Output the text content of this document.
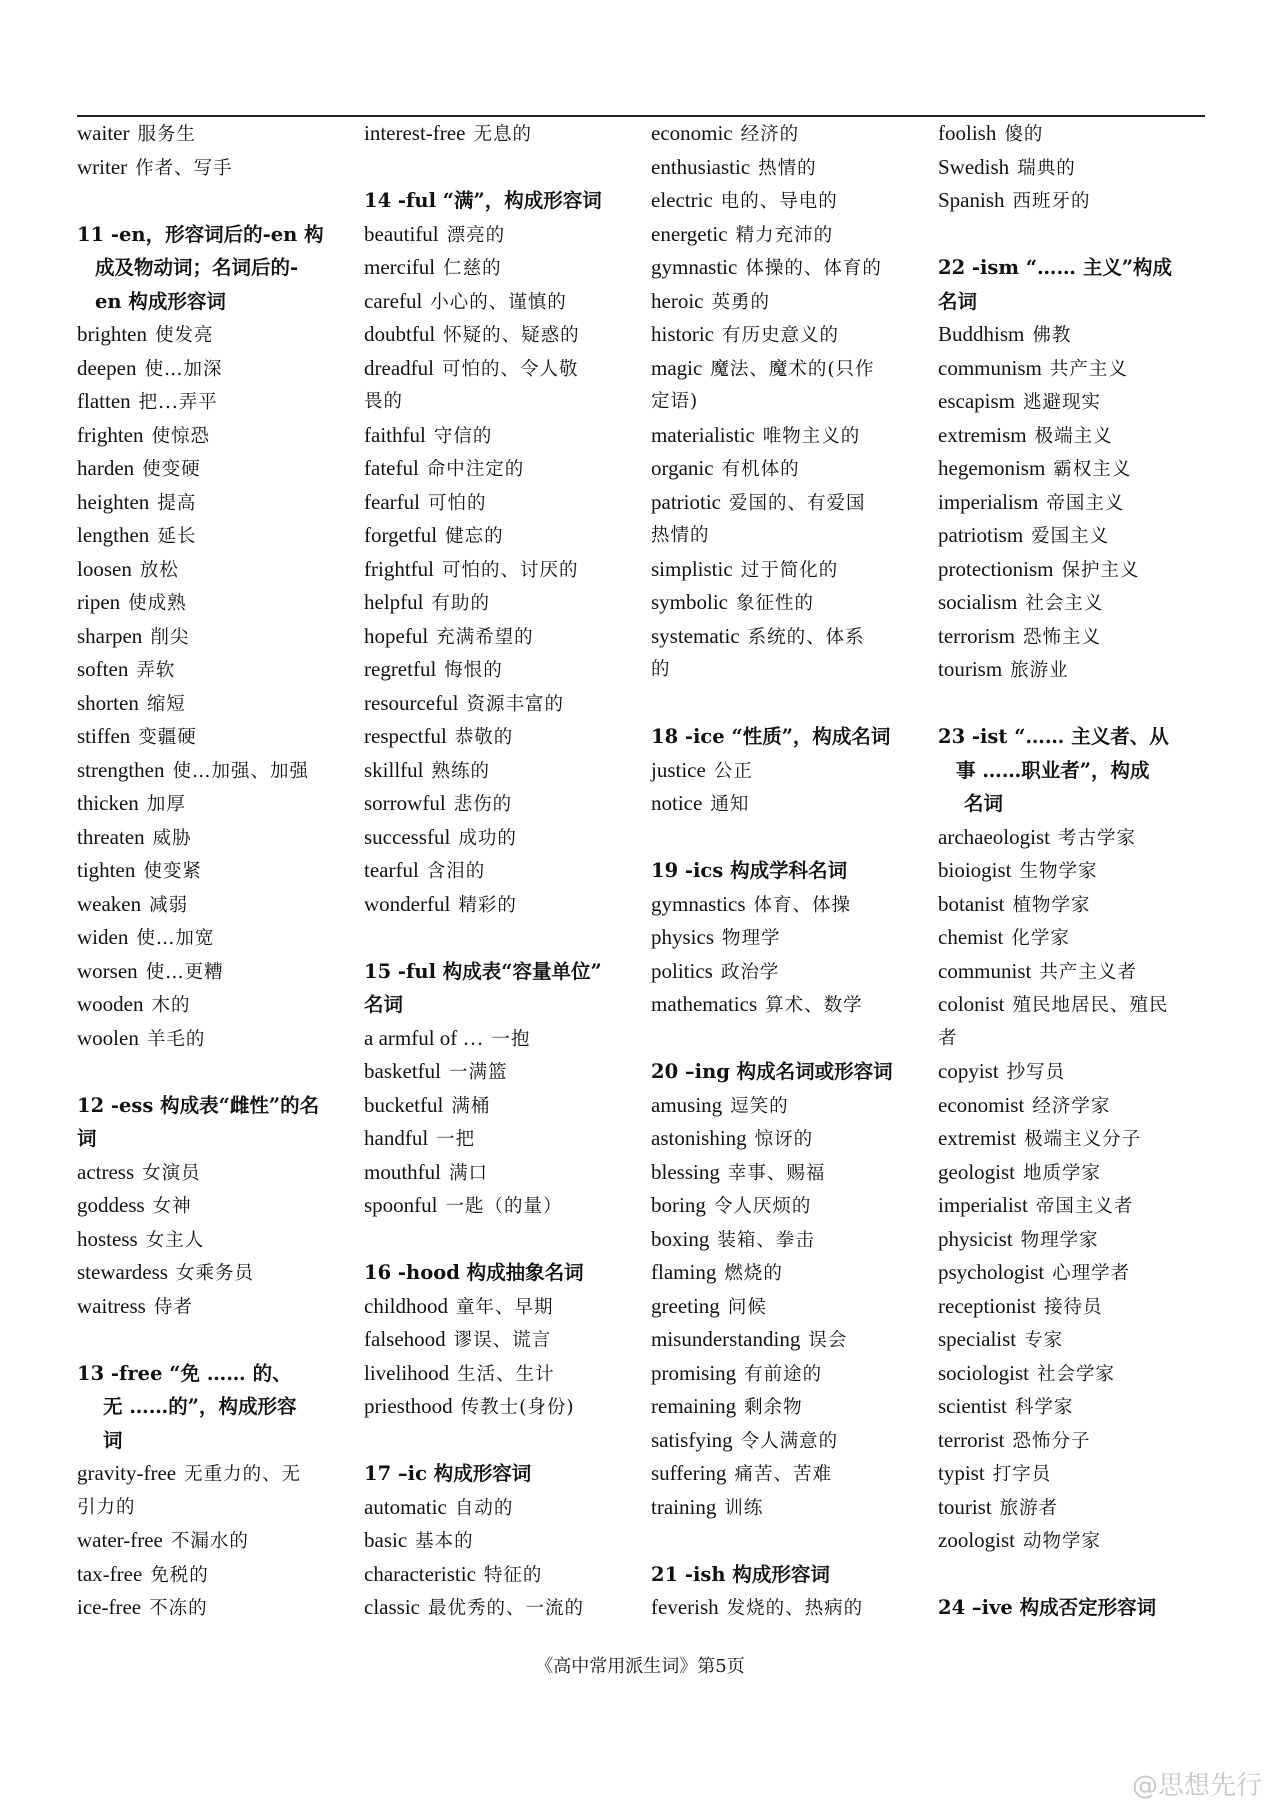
waiter 服务生
writer 作者、写手
11 -en，形容词后的-en 构
成及物动词；名词后的-
en 构成形容词
brighten 使发亮
deepen 使…加深
flatten 把...弄平
frighten 使惊恐
harden 使变硬
heighten 提高
lengthen 延长
loosen 放松
ripen 使成熟
sharpen 削尖
soften 弄软
shorten 缩短
stiffen 变疆硬
strengthen 使…加强、加强
thicken 加厚
threaten 威胁
tighten 使变紧
weaken 减弱
widen 使…加宽
worsen 使…更糟
wooden 木的
woolen 羊毛的
12 -ess 构成表“雌性”的名
词
actress 女演员
goddess 女神
hostess 女主人
stewardess 女乘务员
waitress 侍者
13 -free “免 …… 的、
无 ……的”，构成形容
词
gravity-free 无重力的、无
引力的
water-free 不漏水的
tax-free 免税的
ice-free 不冻的
interest-free 无息的
14 -ful “满”，构成形容词
beautiful 漂亮的
merciful 仁慈的
careful 小心的、谨慎的
doubtful 怀疑的、疑惑的
dreadful 可怕的、令人敬
畏的
faithful 守信的
fateful 命中注定的
fearful 可怕的
forgetful 健忘的
frightful 可怕的、讨厌的
helpful 有助的
hopeful 充满希望的
regretful 悔恨的
resourceful 资源丰富的
respectful 恭敬的
skillful 熟练的
sorrowful 悲伤的
successful 成功的
tearful 含泪的
wonderful 精彩的
15 -ful 构成表“容量单位”
名词
a armful of … 一抱
basketful 一满篮
bucketful 满桶
handful 一把
mouthful 满口
spoonful 一匙（的量）
16 -hood 构成抽象名词
childhood 童年、早期
falsehood 谬误、谎言
livelihood 生活、生计
priesthood 传教士(身份)
17 –ic 构成形容词
automatic 自动的
basic 基本的
characteristic 特征的
classic 最优秀的、一流的
economic 经济的
enthusiastic 热情的
electric 电的、导电的
energetic 精力充沛的
gymnastic 体操的、体育的
heroic 英勇的
historic 有历史意义的
magic 魔法、魔术的(只作
定语)
materialistic 唯物主义的
organic 有机体的
patriotic 爱国的、有爱国
热情的
simplistic 过于简化的
symbolic 象征性的
systematic 系统的、体系
的
18 -ice “性质”，构成名词
justice 公正
notice 通知
19 -ics 构成学科名词
gymnastics 体育、体操
physics 物理学
politics 政治学
mathematics 算术、数学
20 –ing 构成名词或形容词
amusing 逗笑的
astonishing 惊讶的
blessing 幸事、赐福
boring 令人厌烦的
boxing 装箱、拳击
flaming 燃烧的
greeting 问候
misunderstanding 误会
promising 有前途的
remaining 剩余物
satisfying 令人满意的
suffering 痛苦、苦难
training 训练
21 -ish 构成形容词
feverish 发烧的、热病的
foolish 傻的
Swedish 瑞典的
Spanish 西班牙的
22 -ism “…… 主义”构成
名词
Buddhism 佛教
communism 共产主义
escapism 逃避现实
extremism 极端主义
hegemonism 霸权主义
imperialism 帝国主义
patriotism 爱国主义
protectionism 保护主义
socialism 社会主义
terrorism 恐怖主义
tourism 旅游业
23 -ist “…… 主义者、从
事 ……职业者”，构成
名词
archaeologist 考古学家
bioiogist 生物学家
botanist 植物学家
chemist 化学家
communist 共产主义者
colonist 殖民地居民、殖民
者
copyist 抄写员
economist 经济学家
extremist 极端主义分子
geologist 地质学家
imperialist 帝国主义者
physicist 物理学家
psychologist 心理学者
receptionist 接待员
specialist 专家
sociologist 社会学家
scientist 科学家
terrorist 恐怖分子
typist 打字员
tourist 旅游者
zoologist 动物学家
24 –ive 构成否定形容词
《高中常用派生词》第5页
@思想先行
